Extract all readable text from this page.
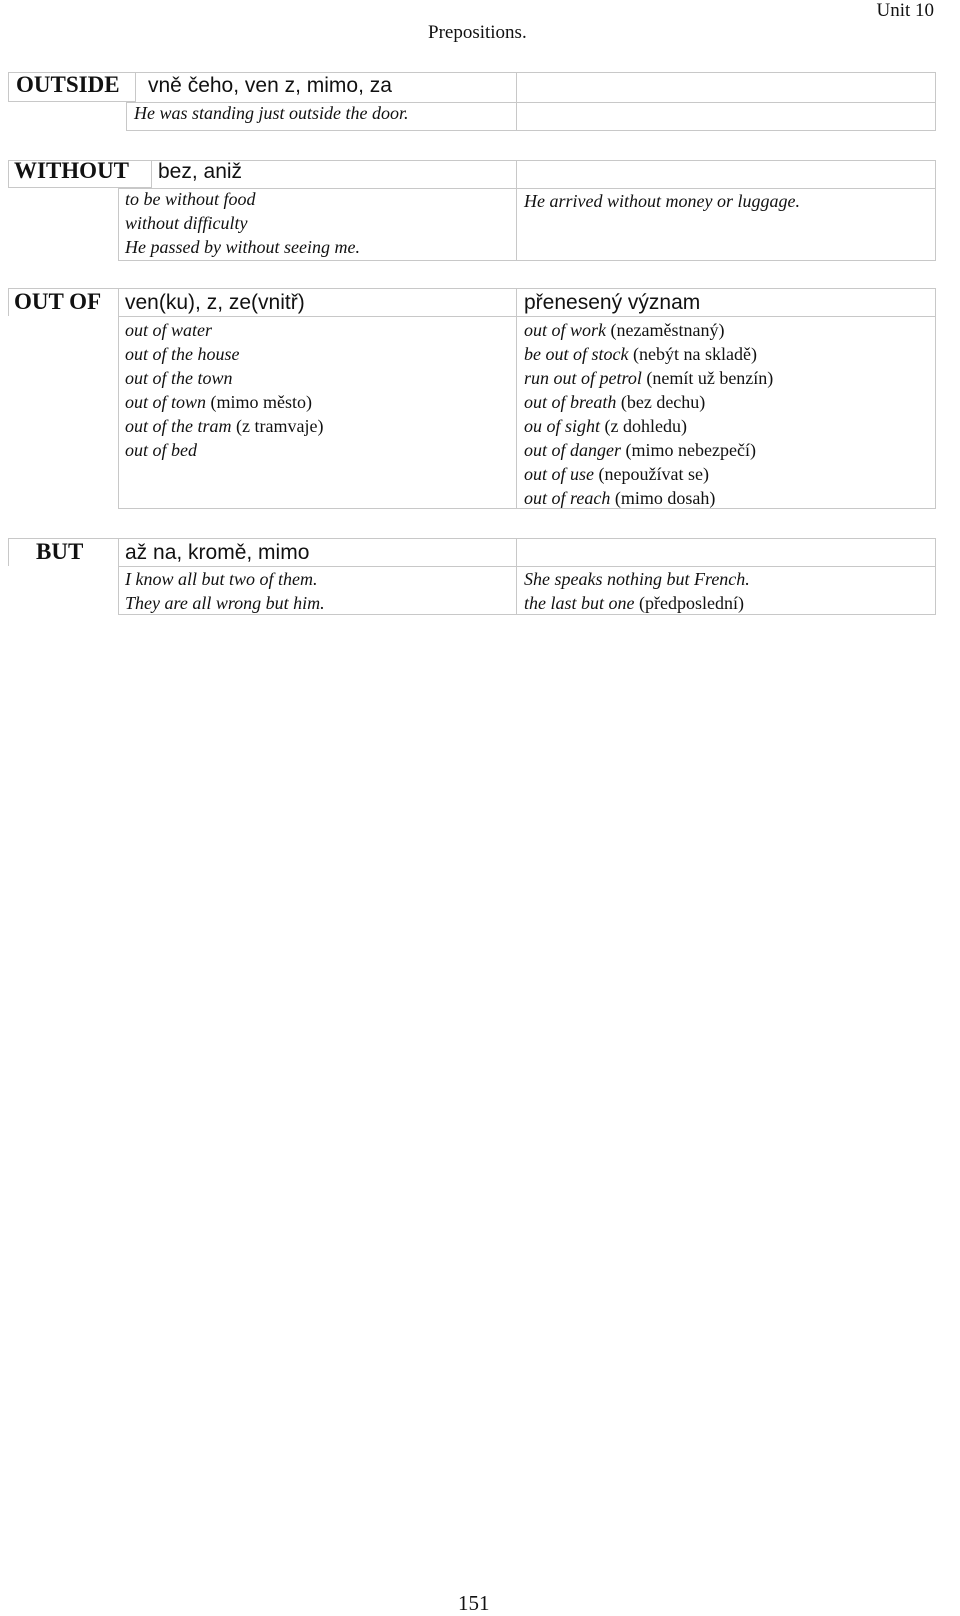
Unit 10
Prepositions.
OUTSIDE vně čeho, ven z, mimo, za
He was standing just outside the door.
WITHOUT bez, aniž
to be without food
without difficulty
He passed by without seeing me.
He arrived without money or luggage.
OUT OF ven(ku), z, ze(vnitř)
out of water
out of the house
out of the town
out of town (mimo město)
out of the tram (z tramvaje)
out of bed
přenesený význam
out of work (nezaměstnaný)
be out of stock (nebýt na skladě)
run out of petrol (nemít už benzín)
out of breath (bez dechu)
ou of sight (z dohledu)
out of danger (mimo nebezpečí)
out of use (nepoužívat se)
out of reach (mimo dosah)
BUT až na, kromě, mimo
I know all but two of them.
They are all wrong but him.
She speaks nothing but French.
the last but one (předposlední)
151
